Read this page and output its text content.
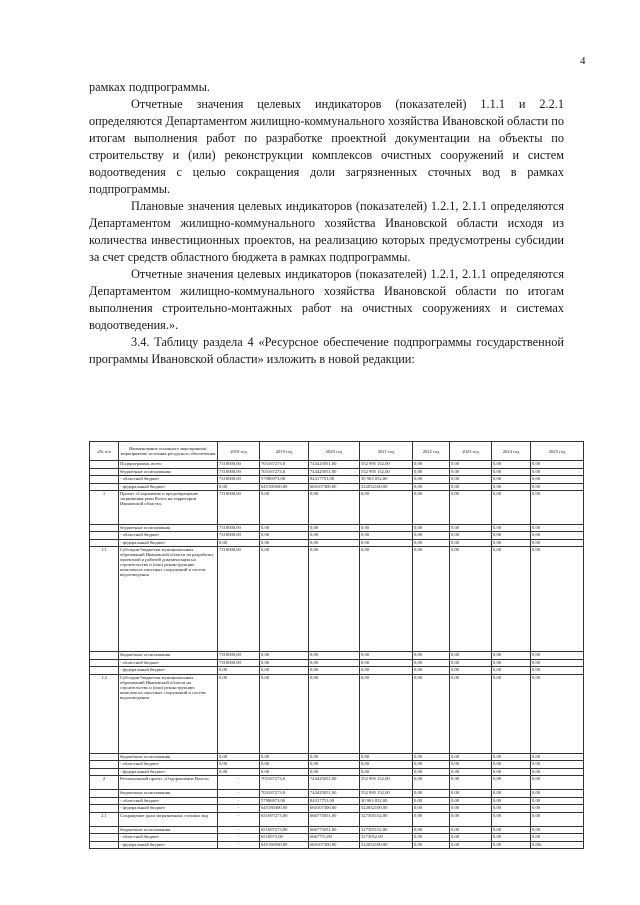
4

рамках подпрограммы.

Отчетные значения целевых индикаторов (показателей) 1.1.1 и 2.2.1 определяются Департаментом жилищно-коммунального хозяйства Ивановской области по итогам выполнения работ по разработке проектной документации на объекты по строительству и (или) реконструкции комплексов очистных сооружений и систем водоотведения с целью сокращения доли загрязненных сточных вод в рамках подпрограммы.

Плановые значения целевых индикаторов (показателей) 1.2.1, 2.1.1 определяются Департаментом жилищно-коммунального хозяйства Ивановской области исходя из количества инвестиционных проектов, на реализацию которых предусмотрены субсидии за счет средств областного бюджета в рамках подпрограммы.

Отчетные значения целевых индикаторов (показателей) 1.2.1, 2.1.1 определяются Департаментом жилищно-коммунального хозяйства Ивановской области по итогам выполнения строительно-монтажных работ на очистных сооружениях и системах водоотведения.».

3.4. Таблицу раздела 4 «Ресурсное обеспечение подпрограммы государственной программы Ивановской области» изложить в новой редакции:

«№ п/п	Наименование основного мероприятия/мероприятия/ источник ресурсного обеспечения	2018 год	2019 год	2020 год	2021 год	2022 год	2023 год	2024 год	2025 год
	Подпрограмма, всего	7310000,00	703167273,0	744425051,00	552 995 152,00	0,00	0,00	0,00	0,00
	бюджетные ассигнования:	7310000,00	703167273,0	744425051,00	552 995 152,00	0,00	0,00	0,00	0,00
	- областной бюджет	7310000,00	57986973,00	84317751,00	30 963 052,00	0,00	0,00	0,00	0,00
	- федеральный бюджет	0,00	645180300,00	660107300,00	522032100,00	0,00	0,00	0,00	0,00
1	Проект «Сохранение и предотвращение загрязнения реки Волги на территории Ивановской области»	7310000,00	0,00	0,00	0,00	0,00	0,00	0,00	0,00
	бюджетные ассигнования	7310000,00	0,00	0,00	0,00	0,00	0,00	0,00	0,00
	- областной бюджет	7310000,00	0,00	0,00	0,00	0,00	0,00	0,00	0,00
	- федеральный бюджет	0,00	0,00	0,00	0,00	0,00	0,00	0,00	0,00
1.1	Субсидии бюджетам муниципальных образований Ивановской области на разработку проектной и рабочей документации на строительство и (или) реконструкцию комплексов очистных сооружений и систем водоотведения	7310000,00	0,00	0,00	0,00	0,00	0,00	0,00	0,00
	бюджетные ассигнования	7310000,00	0,00	0,00	0,00	0,00	0,00	0,00	0,00
	- областной бюджет	7310000,00	0,00	0,00	0,00	0,00	0,00	0,00	0,00
	- федеральный бюджет	0,00	0,00	0,00	0,00	0,00	0,00	0,00	0,00
1.2	Субсидии бюджетам муниципальных образований Ивановской области на строительство и (или) реконструкцию комплексов очистных сооружений и систем водоотведения	0,00	0,00	0,00	0,00	0,00	0,00	0,00	0,00
	бюджетные ассигнования	0,00	0,00	0,00	0,00	0,00	0,00	0,00	0,00
	- областной бюджет	0,00	0,00	0,00	0,00	0,00	0,00	0,00	0,00
	- федеральный бюджет	0,00	0,00	0,00	0,00	0,00	0,00	0,00	0,00
2	Региональный проект «Оздоровление Волги»	-	703167273,0	744425051,00	552 995 152,00	0,00	0,00	0,00	0,00
	бюджетные ассигнования	-	703167273,0	744425051,00	552 995 152,00	0,00	0,00	0,00	0,00
	- областной бюджет	-	57986973,00	84317751,00	30 963 052,00	0,00	0,00	0,00	0,00
	- федеральный бюджет	-	645180300,00	660107300,00	522032100,00	0,00	0,00	0,00	0,00
2.1	Сокращение доли загрязненных сточных вод	-	651697273,00	666775051,00	527305152,00	0,00	0,00	0,00	0,00
	бюджетные ассигнования	-	651697273,00	666775051,00	527305152,00	0,00	0,00	0,00	0,00
	- областной бюджет	-	6516973,00	6667751,00	5273052,00	0,00	0,00	0,00	0,00
	- федеральный бюджет	-	645180300,00	660107300,00	522032100,00	0,00	0,00	0,00	0,00»
